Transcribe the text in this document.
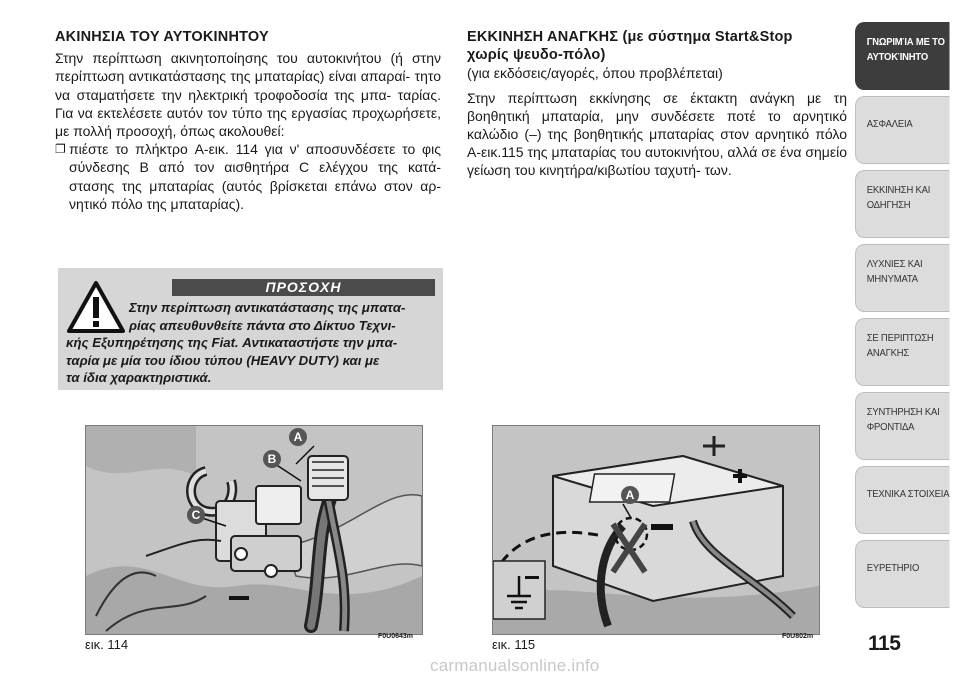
ΑΚΙΝΗΣΙΑ ΤΟΥ ΑΥΤΟΚΙΝΗΤΟΥ

Στην περίπτωση ακινητοποίησης του αυτοκινήτου (ή στην περίπτωση αντικατάστασης της μπαταρίας) είναι απαραί- τητο να σταματήσετε την ηλεκτρική τροφοδοσία της μπα- ταρίας. Για να εκτελέσετε αυτόν τον τύπο της εργασίας προχωρήσετε, με πολλή προσοχή, όπως ακολουθεί:

❐ πιέστε το πλήκτρο A-εικ. 114 για ν' αποσυνδέσετε το φις σύνδεσης B από τον αισθητήρα C ελέγχου της κατά- στασης της μπαταρίας (αυτός βρίσκεται επάνω στον αρ- νητικό πόλο της μπαταρίας).
ΕΚΚΙΝΗΣΗ ΑΝΑΓΚΗΣ (με σύστημα Start&Stop
χωρίς ψευδο-πόλο)
(για εκδόσεις/αγορές, όπου προβλέπεται)

Στην περίπτωση εκκίνησης σε έκτακτη ανάγκη με τη βοηθητική μπαταρία, μην συνδέσετε ποτέ το αρνητικό καλώδιο (–) της βοηθητικής μπαταρίας στον αρνητικό πόλο A-εικ.115 της μπαταρίας του αυτοκινήτου, αλλά σε ένα σημείο γείωση του κινητήρα/κιβωτίου ταχυτή- των.

ΠΡΟΣΟΧΗ
Στην περίπτωση αντικατάστασης της μπατα-
ρίας απευθυνθείτε πάντα στο Δίκτυο Τεχνι-
κής Εξυπηρέτησης της Fiat. Αντικαταστήστε την μπα-
ταρία με μία του ίδιου τύπου (HEAVY DUTY) και με
τα ίδια χαρακτηριστικά.
A
B
C
εικ. 114
F0U0643m
A
εικ. 115
F0U802m
ΓΝΩΡΙΜΊΑ ΜΕ ΤΟ
ΑΥΤΟΚΊΝΗΤΟ
ΑΣΦΑΛΕΙΑ
ΕΚΚΙΝΗΣΗ ΚΑΙ
ΟΔΗΓΗΣΗ
ΛΥΧΝΙΕΣ ΚΑΙ
ΜΗΝΥΜΑΤΑ
ΣΕ ΠΕΡΙΠΤΩΣΗ
ΑΝΑΓΚΗΣ
ΣΥΝΤΗΡΗΣΗ ΚΑΙ
ΦΡΟΝΤΙΔΑ
ΤΕΧΝΙΚΑ ΣΤΟΙΧΕΙΑ
ΕΥΡΕΤΗΡΙΟ
115
carmanualsonline.info
